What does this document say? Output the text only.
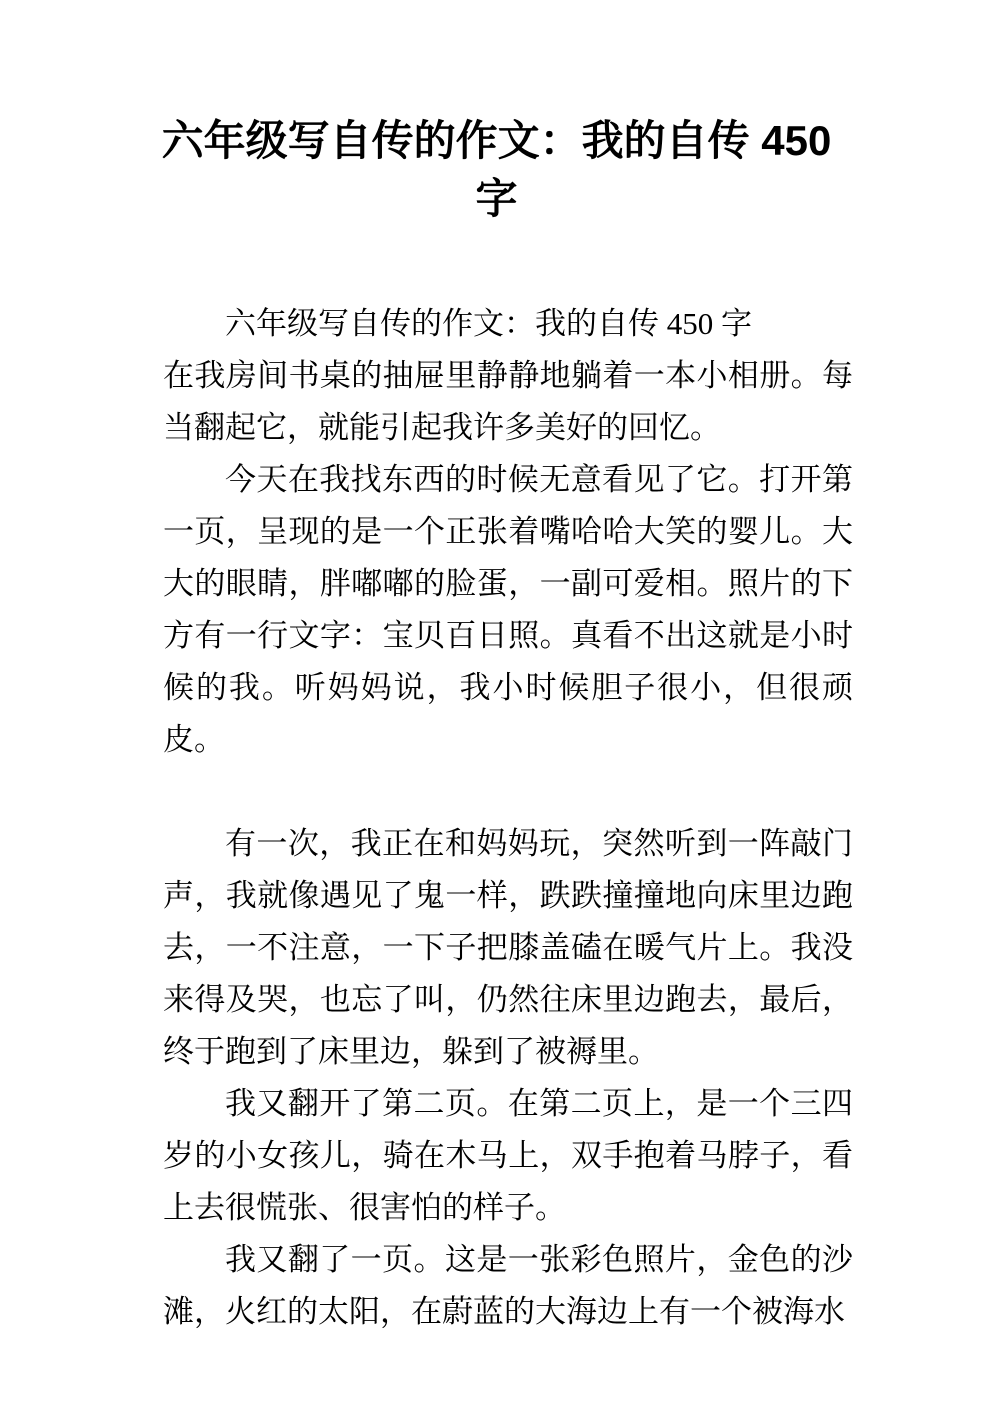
六年级写自传的作文：我的自传 450 字

六年级写自传的作文：我的自传 450 字

在我房间书桌的抽屉里静静地躺着一本小相册。每当翻起它，就能引起我许多美好的回忆。

今天在我找东西的时候无意看见了它。打开第一页，呈现的是一个正张着嘴哈哈大笑的婴儿。大大的眼睛，胖嘟嘟的脸蛋，一副可爱相。照片的下方有一行文字：宝贝百日照。真看不出这就是小时候的我。听妈妈说，我小时候胆子很小，但很顽皮。

有一次，我正在和妈妈玩，突然听到一阵敲门声，我就像遇见了鬼一样，跌跌撞撞地向床里边跑去，一不注意，一下子把膝盖磕在暖气片上。我没来得及哭，也忘了叫，仍然往床里边跑去，最后，终于跑到了床里边，躲到了被褥里。

我又翻开了第二页。在第二页上，是一个三四岁的小女孩儿，骑在木马上，双手抱着马脖子，看上去很慌张、很害怕的样子。

我又翻了一页。这是一张彩色照片，金色的沙滩，火红的太阳，在蔚蓝的大海边上有一个被海水
